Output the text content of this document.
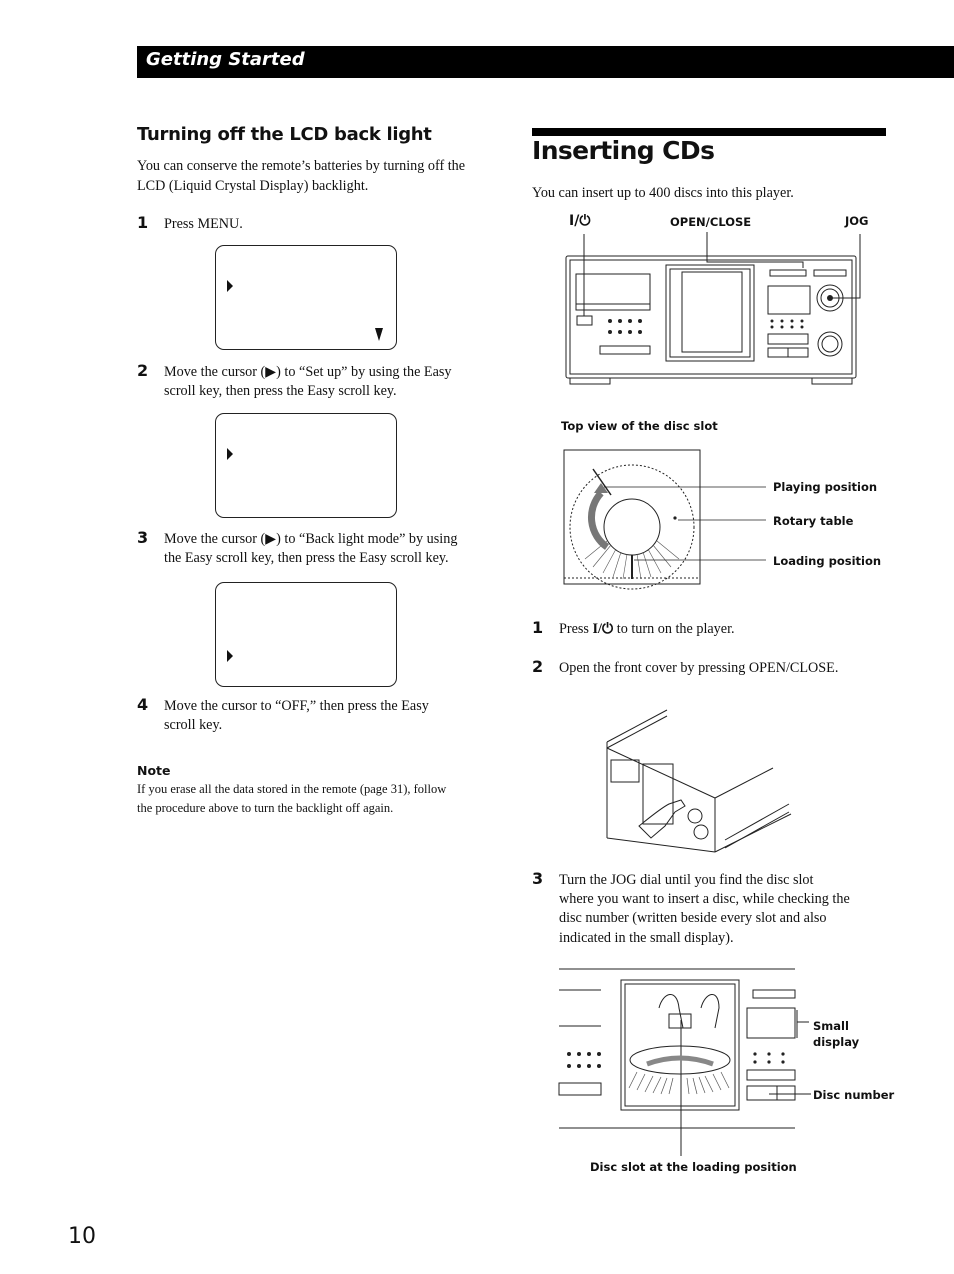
Getting Started
Turning off the LCD back light
You can conserve the remote’s batteries by turning off the LCD (Liquid Crystal Display) backlight.
1 Press MENU.
2 Move the cursor (▶) to “Set up” by using the Easy
scroll key, then press the Easy scroll key.
3 Move the cursor (▶) to “Back light mode” by using
the Easy scroll key, then press the Easy scroll key.
4 Move the cursor to “OFF,” then press the Easy
scroll key.
Note
If you erase all the data stored in the remote (page 31), follow
the procedure above to turn the backlight off again.
Inserting CDs
You can insert up to 400 discs into this player.
I/⏻	OPEN/CLOSE	JOG
Top view of the disc slot
Playing position
Rotary table
Loading position
1 Press I/⏻ to turn on the player.
2 Open the front cover by pressing OPEN/CLOSE.
3 Turn the JOG dial until you find the disc slot
where you want to insert a disc, while checking the
disc number (written beside every slot and also
indicated in the small display).
Small
display
Disc number
Disc slot at the loading position
10
